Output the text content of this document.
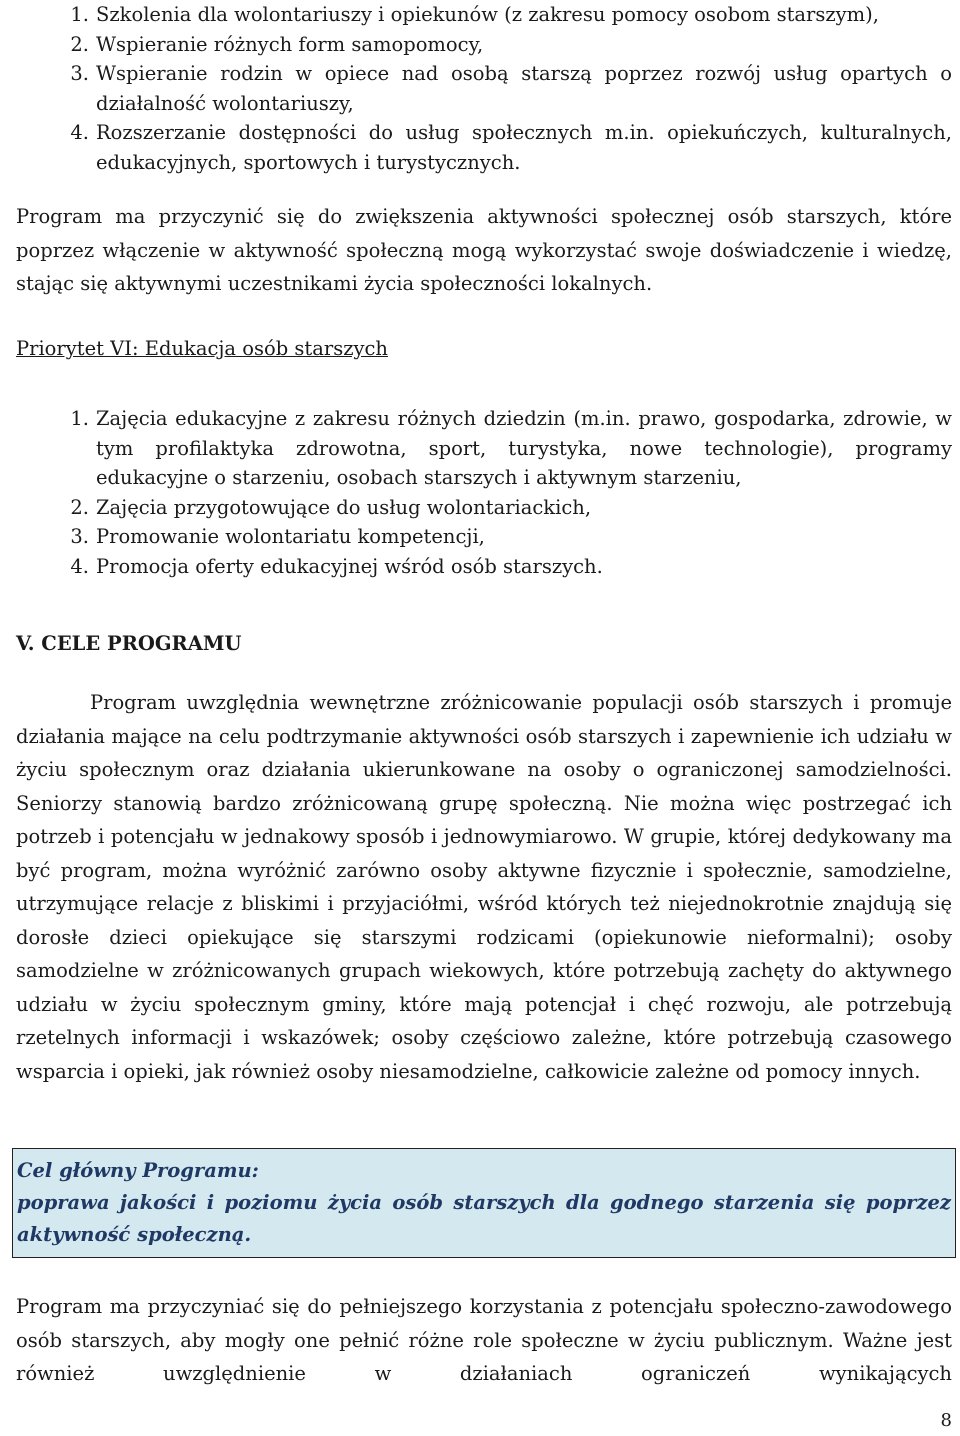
1. Szkolenia dla wolontariuszy i opiekunów (z zakresu pomocy osobom starszym),
2. Wspieranie różnych form samopomocy,
3. Wspieranie rodzin w opiece nad osobą starszą poprzez rozwój usług opartych o działalność wolontariuszy,
4. Rozszerzanie dostępności do usług społecznych m.in. opiekuńczych, kulturalnych, edukacyjnych, sportowych i turystycznych.

Program ma przyczynić się do zwiększenia aktywności społecznej osób starszych, które poprzez włączenie w aktywność społeczną mogą wykorzystać swoje doświadczenie i wiedzę, stając się aktywnymi uczestnikami życia społeczności lokalnych.

Priorytet VI: Edukacja osób starszych

1. Zajęcia edukacyjne z zakresu różnych dziedzin (m.in. prawo, gospodarka, zdrowie, w tym profilaktyka zdrowotna, sport, turystyka, nowe technologie), programy edukacyjne o starzeniu, osobach starszych i aktywnym starzeniu,
2. Zajęcia przygotowujące do usług wolontariackich,
3. Promowanie wolontariatu kompetencji,
4. Promocja oferty edukacyjnej wśród osób starszych.

V. CELE PROGRAMU

Program uwzględnia wewnętrzne zróżnicowanie populacji osób starszych i promuje działania mające na celu podtrzymanie aktywności osób starszych i zapewnienie ich udziału w życiu społecznym oraz działania ukierunkowane na osoby o ograniczonej samodzielności. Seniorzy stanowią bardzo zróżnicowaną grupę społeczną. Nie można więc postrzegać ich potrzeb i potencjału w jednakowy sposób i jednowymiarowo. W grupie, której dedykowany ma być program, można wyróżnić zarówno osoby aktywne fizycznie i społecznie, samodzielne, utrzymujące relacje z bliskimi i przyjaciółmi, wśród których też niejednokrotnie znajdują się dorosłe dzieci opiekujące się starszymi rodzicami (opiekunowie nieformalni); osoby samodzielne w zróżnicowanych grupach wiekowych, które potrzebują zachęty do aktywnego udziału w życiu społecznym gminy, które mają potencjał i chęć rozwoju, ale potrzebują rzetelnych informacji i wskazówek; osoby częściowo zależne, które potrzebują czasowego wsparcia i opieki, jak również osoby niesamodzielne, całkowicie zależne od pomocy innych.

Cel główny Programu:
poprawa jakości i poziomu życia osób starszych dla godnego starzenia się poprzez aktywność społeczną.

Program ma przyczyniać się do pełniejszego korzystania z potencjału społeczno-zawodowego osób starszych, aby mogły one pełnić różne role społeczne w życiu publicznym. Ważne jest również uwzględnienie w działaniach ograniczeń wynikających

8
